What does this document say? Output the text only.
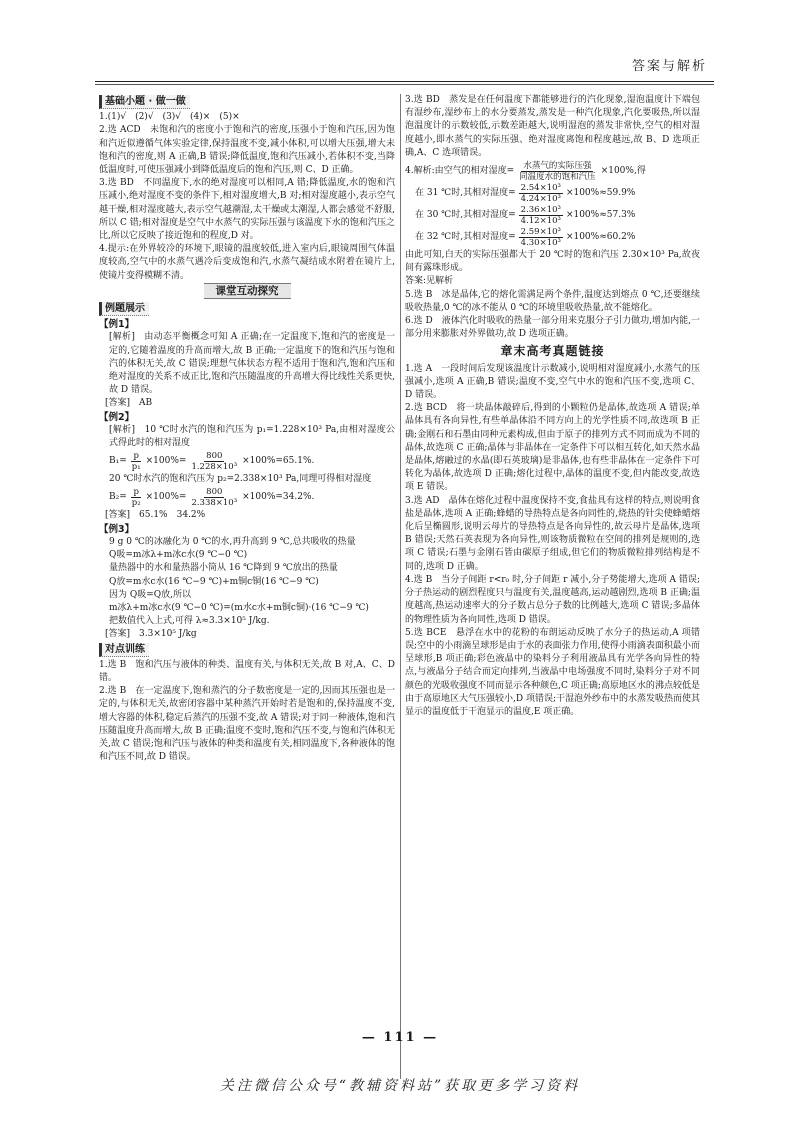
答案与解析
基础小题 · 做一做

1.(1)√　(2)√　(3)√　(4)×　(5)×

2.选 ACD　未饱和汽的密度小于饱和汽的密度,压强小于饱和汽压,因为饱和汽近似遵循气体实验定律,保持温度不变,减小体积,可以增大压强,增大未饱和汽的密度,则 A 正确,B 错误;降低温度,饱和汽压减小,若体积不变,当降低温度时,可使压强减小到降低温度后的饱和汽压,则 C、D 正确。

3.选 BD　不同温度下,水的绝对湿度可以相同,A 错;降低温度,水的饱和汽压减小,绝对湿度不变的条件下,相对湿度增大,B 对;相对湿度越小,表示空气越干燥,相对湿度越大,表示空气越潮湿,太干燥或太潮湿,人都会感觉不舒服,所以 C 错;相对湿度是空气中水蒸气的实际压强与该温度下水的饱和汽压之比,所以它反映了接近饱和的程度,D 对。

4.提示:在外界较冷的环境下,眼镜的温度较低,进入室内后,眼镜周围气体温度较高,空气中的水蒸气遇冷后变成饱和汽,水蒸气凝结成水附着在镜片上,使镜片变得模糊不清。

课堂互动探究
例题展示
【例1】

[解析]　由动态平衡概念可知 A 正确;在一定温度下,饱和汽的密度是一定的,它随着温度的升高而增大,故 B 正确;一定温度下的饱和汽压与饱和汽的体积无关,故 C 错误;理想气体状态方程不适用于饱和汽,饱和汽压和绝对湿度的关系不成正比,饱和汽压随温度的升高增大得比线性关系更快,故 D 错误。

[答案]　AB

【例2】

[解析]　10 ℃时水汽的饱和汽压为 p₁=1.228×10³ Pa,由相对湿度公式得此时的相对湿度

$B_1= \frac{p}{\text{p₁}} \times 100\%= \frac{800}{\text{1.228×10³}} \times 100\%=65.1\%$.

20 ℃时水汽的饱和汽压为 p₂=2.338×10³ Pa,同理可得相对湿度

$B_2= \frac{p}{\text{p₂}} \times 100\%= \frac{800}{\text{2.338×10³}} \times 100\%=34.2\%$.

[答案]　65.1%　34.2%

【例3】

9 g 0 ℃的冰融化为 0 ℃的水,再升高到 9 ℃,总共吸收的热量

Q吸=m冰λ+m冰c水(9 ℃−0 ℃)

量热器中的水和量热器小筒从 16 ℃降到 9 ℃放出的热量

Q放=m水c水(16 ℃−9 ℃)+m铜c铜(16 ℃−9 ℃)

因为 Q吸=Q放,所以

m冰λ+m冰c水(9 ℃−0 ℃)=(m水c水+m铜c铜)·(16 ℃−9 ℃)

把数值代入上式,可得 λ≈3.3×10⁵ J/kg.

[答案]　3.3×10⁵ J/kg

对点训练

1.选 B　饱和汽压与液体的种类、温度有关,与体积无关,故 B 对,A、C、D 错。

2.选 B　在一定温度下,饱和蒸汽的分子数密度是一定的,因而其压强也是一定的,与体积无关,故密闭容器中某种蒸汽开始时若是饱和的,保持温度不变,增大容器的体积,稳定后蒸汽的压强不变,故 A 错误;对于同一种液体,饱和汽压随温度升高而增大,故 B 正确;温度不变时,饱和汽压不变,与饱和汽体积无关,故 C 错误;饱和汽压与液体的种类和温度有关,相同温度下,各种液体的饱和汽压不同,故 D 错误。

3.选 BD　蒸发是在任何温度下都能够进行的汽化现象,湿泡温度计下端包有湿纱布,湿纱布上的水分要蒸发,蒸发是一种汽化现象,汽化要吸热,所以湿泡温度计的示数较低,示数差距越大,说明湿泡的蒸发非常快,空气的相对湿度越小,即水蒸气的实际压强、绝对湿度离饱和程度越远,故 B、D 选项正确,A、C 选项错误。

4.解析:由空气的相对湿度= $\frac{\text{水蒸气的实际压强}}{\text{同温度水的饱和汽压}} \times 100\%$,得
在 31 ℃时,其相对湿度= $\frac{\text{2.54×10³}}{\text{4.24×10³}} \times 100\%\approx 59.9\%$
在 30 ℃时,其相对湿度= $\frac{\text{2.36×10³}}{\text{4.12×10³}} \times 100\%\approx 57.3\%$
在 32 ℃时,其相对湿度= $\frac{\text{2.59×10³}}{\text{4.30×10³}} \times 100\%\approx 60.2\%$

由此可知,白天的实际压强都大于 20 ℃时的饱和汽压 2.30×10³ Pa,故夜间有露珠形成。

答案:见解析

5.选 B　冰是晶体,它的熔化需满足两个条件,温度达到熔点 0 ℃,还要继续吸收热量,0 ℃的冰不能从 0 ℃的环境里吸收热量,故不能熔化。

6.选 D　液体汽化时吸收的热量一部分用来克服分子引力做功,增加内能,一部分用来膨胀对外界做功,故 D 选项正确。

章末高考真题链接

1.选 A　一段时间后发现该温度计示数减小,说明相对湿度减小,水蒸气的压强减小,选项 A 正确,B 错误;温度不变,空气中水的饱和汽压不变,选项 C、D 错误。

2.选 BCD　将一块晶体敲碎后,得到的小颗粒仍是晶体,故选项 A 错误;单晶体具有各向异性,有些单晶体沿不同方向上的光学性质不同,故选项 B 正确;金刚石和石墨由同种元素构成,但由于原子的排列方式不同而成为不同的晶体,故选项 C 正确;晶体与非晶体在一定条件下可以相互转化,如天然水晶是晶体,熔融过的水晶(即石英玻璃)是非晶体,也有些非晶体在一定条件下可转化为晶体,故选项 D 正确;熔化过程中,晶体的温度不变,但内能改变,故选项 E 错误。

3.选 AD　晶体在熔化过程中温度保持不变,食盐具有这样的特点,则说明食盐是晶体,选项 A 正确;蜂蜡的导热特点是各向同性的,烧热的针尖使蜂蜡熔化后呈椭圆形,说明云母片的导热特点是各向异性的,故云母片是晶体,选项 B 错误;天然石英表现为各向异性,则该物质微粒在空间的排列是规则的,选项 C 错误;石墨与金刚石皆由碳原子组成,但它们的物质微粒排列结构是不同的,选项 D 正确。

4.选 B　当分子间距 r<r₀ 时,分子间距 r 减小,分子势能增大,选项 A 错误;分子热运动的剧烈程度只与温度有关,温度越高,运动越剧烈,选项 B 正确;温度越高,热运动速率大的分子数占总分子数的比例越大,选项 C 错误;多晶体的物理性质为各向同性,选项 D 错误。

5.选 BCE　悬浮在水中的花粉的布朗运动反映了水分子的热运动,A 项错误;空中的小雨滴呈球形是由于水的表面张力作用,使得小雨滴表面积最小而呈球形,B 项正确;彩色液晶中的染料分子利用液晶具有光学各向异性的特点,与液晶分子结合而定向排列,当液晶中电场强度不同时,染料分子对不同颜色的光吸收强度不同而显示各种颜色,C 项正确;高原地区水的沸点较低是由于高原地区大气压强较小,D 项错误;干湿泡外纱布中的水蒸发吸热而使其显示的温度低于干泡显示的温度,E 项正确。

— 111 —
关注微信公众号“教辅资料站”获取更多学习资料
